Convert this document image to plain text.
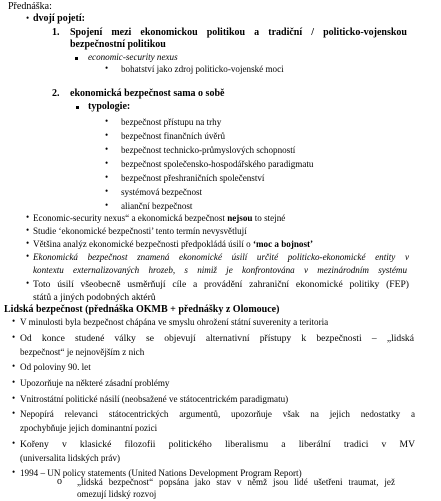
Přednáška:
• dvojí pojetí:
1. Spojení mezi ekonomickou politikou a tradiční / politicko-vojenskou
bezpečnostní politikou
economic-security nexus
• bohatství jako zdroj politicko-vojenské moci
2. ekonomická bezpečnost sama o sobě
typologie:
• bezpečnost přístupu na trhy
• bezpečnost finančních úvěrů
• bezpečnost technicko-průmyslových schopností
• bezpečnost společensko-hospodářského paradigmatu
• bezpečnost přeshraničních společenství
• systémová bezpečnost
• alianční bezpečnost
• Economic-security nexus“ a ekonomická bezpečnost nejsou to stejné
• Studie ‘ekonomické bezpečnosti’ tento termín nevysvětlují
• Většina analýz ekonomické bezpečnosti předpokládá úsilí o ‘moc a bojnost’
• Ekonomická bezpečnost znamená ekonomické úsilí určité politicko-ekonomické entity v
kontextu externalizovaných hrozeb, s nimiž je konfrontována v mezinárodním systému
• Toto úsilí všeobecně usměrňují cíle a provádění zahraniční ekonomické politiky (FEP)
států a jiných podobných aktérů
Lidská bezpečnost (přednáška OKMB + přednášky z Olomouce)
• V minulosti byla bezpečnost chápána ve smyslu ohrožení státní suverenity a teritoria
• Od konce studené války se objevují alternativní přístupy k bezpečnosti – „lidská
bezpečnost“ je nejnovějším z nich
• Od poloviny 90. let
• Upozorňuje na některé zásadní problémy
• Vnitrostátní politické násilí (neobsažené ve státocentrickém paradigmatu)
• Nepopírá relevanci státocentrických argumentů, upozorňuje však na jejich nedostatky a
zpochybňuje jejich dominantní pozici
• Kořeny v klasické filozofii politického liberalismu a liberální tradici v MV
(universalita lidských práv)
• 1994 – UN policy statements (United Nations Development Program Report)
o „lidská bezpečnost“ popsána jako stav v němž jsou lidé ušetřeni traumat, jež
omezují lidský rozvoj
